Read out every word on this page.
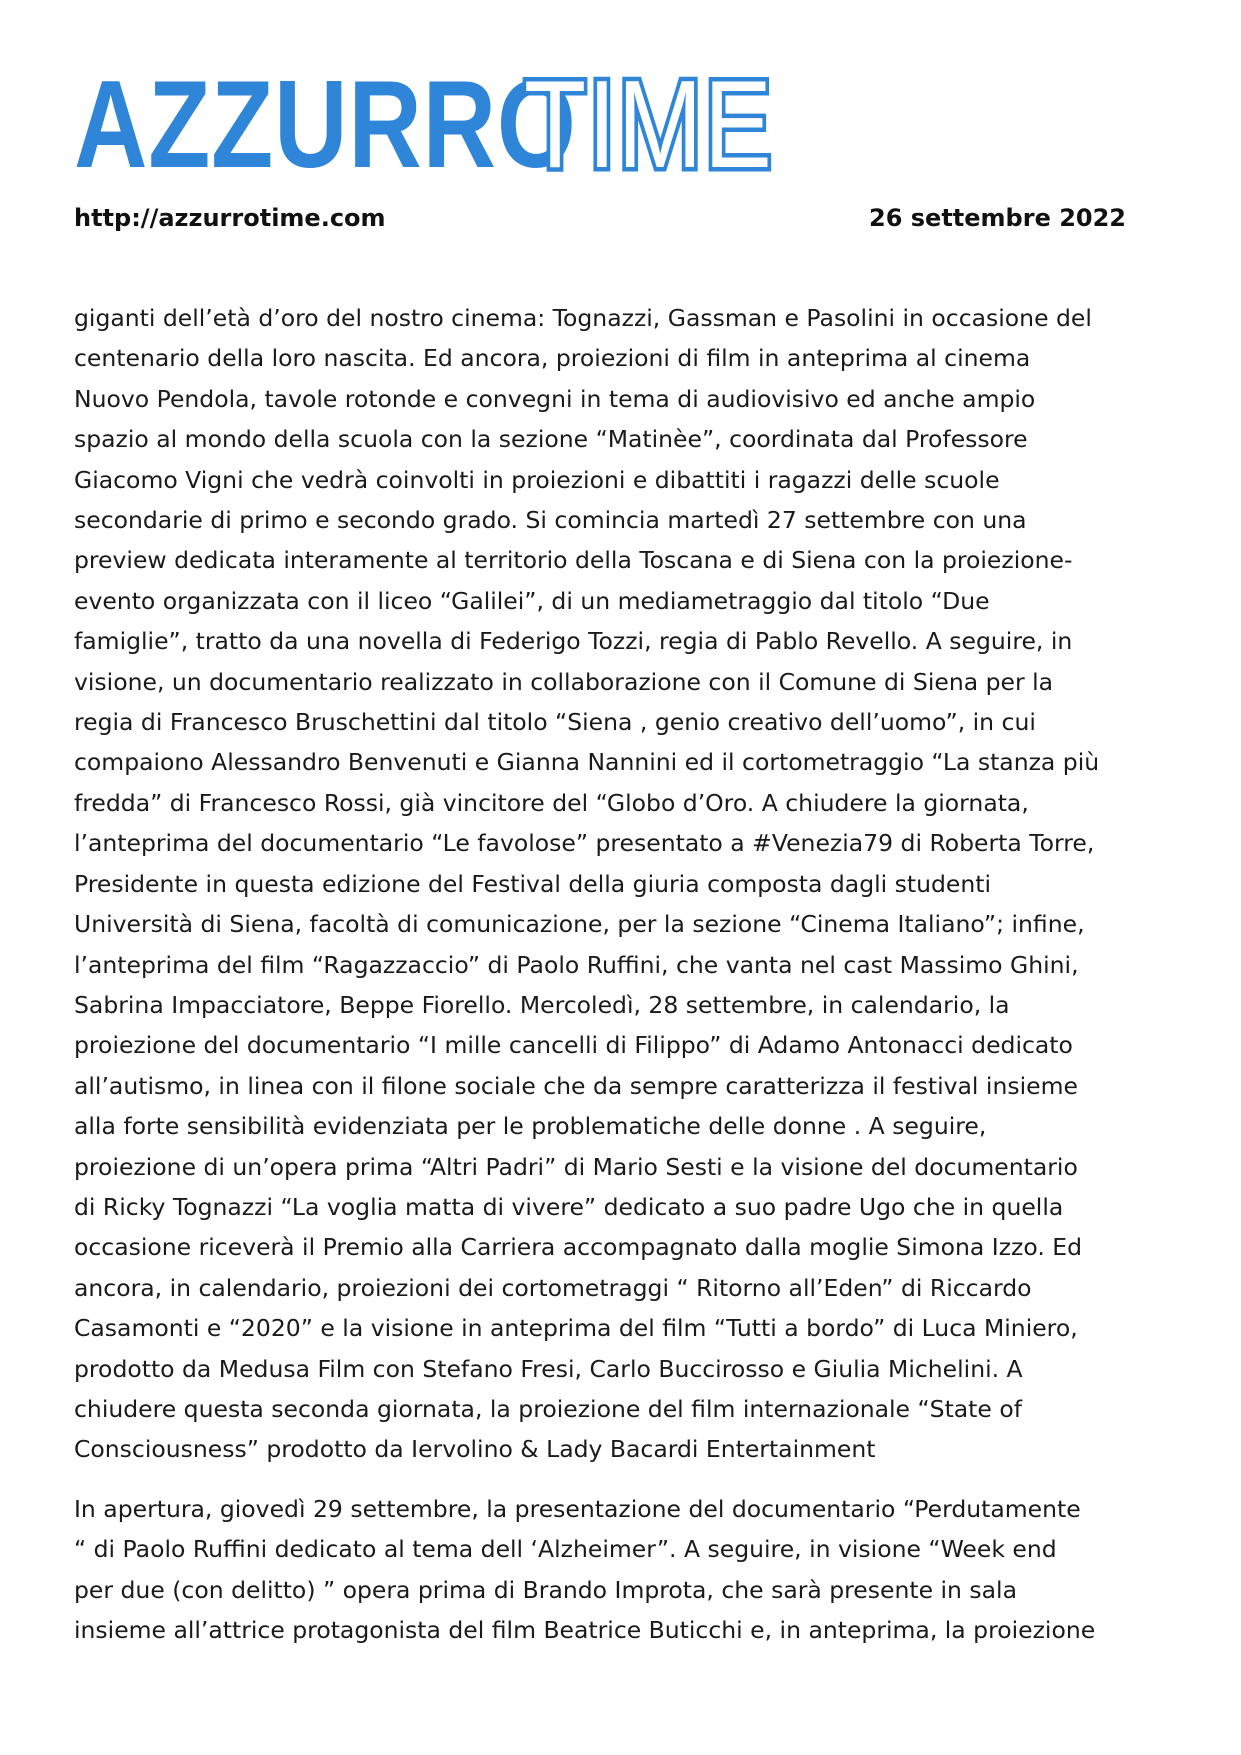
AZZURRO
TIME
http://azzurrotime.com	26 settembre 2022

giganti dell’età d’oro del nostro cinema: Tognazzi, Gassman e Pasolini in occasione del
centenario della loro nascita. Ed ancora, proiezioni di film in anteprima al cinema
Nuovo Pendola, tavole rotonde e convegni in tema di audiovisivo ed anche ampio
spazio al mondo della scuola con la sezione “Matinèe”, coordinata dal Professore
Giacomo Vigni che vedrà coinvolti in proiezioni e dibattiti i ragazzi delle scuole
secondarie di primo e secondo grado. Si comincia martedì 27 settembre con una
preview dedicata interamente al territorio della Toscana e di Siena con la proiezione-
evento organizzata con il liceo “Galilei”, di un mediametraggio dal titolo “Due
famiglie”, tratto da una novella di Federigo Tozzi, regia di Pablo Revello. A seguire, in
visione, un documentario realizzato in collaborazione con il Comune di Siena per la
regia di Francesco Bruschettini dal titolo “Siena , genio creativo dell’uomo”, in cui
compaiono Alessandro Benvenuti e Gianna Nannini ed il cortometraggio “La stanza più
fredda” di Francesco Rossi, già vincitore del “Globo d’Oro. A chiudere la giornata,
l’anteprima del documentario “Le favolose” presentato a #Venezia79 di Roberta Torre,
Presidente in questa edizione del Festival della giuria composta dagli studenti
Università di Siena, facoltà di comunicazione, per la sezione “Cinema Italiano”; infine,
l’anteprima del film “Ragazzaccio” di Paolo Ruffini, che vanta nel cast Massimo Ghini,
Sabrina Impacciatore, Beppe Fiorello. Mercoledì, 28 settembre, in calendario, la
proiezione del documentario “I mille cancelli di Filippo” di Adamo Antonacci dedicato
all’autismo, in linea con il filone sociale che da sempre caratterizza il festival insieme
alla forte sensibilità evidenziata per le problematiche delle donne . A seguire,
proiezione di un’opera prima “Altri Padri” di Mario Sesti e la visione del documentario
di Ricky Tognazzi “La voglia matta di vivere” dedicato a suo padre Ugo che in quella
occasione riceverà il Premio alla Carriera accompagnato dalla moglie Simona Izzo. Ed
ancora, in calendario, proiezioni dei cortometraggi “ Ritorno all’Eden” di Riccardo
Casamonti e “2020” e la visione in anteprima del film “Tutti a bordo” di Luca Miniero,
prodotto da Medusa Film con Stefano Fresi, Carlo Buccirosso e Giulia Michelini. A
chiudere questa seconda giornata, la proiezione del film internazionale “State of
Consciousness” prodotto da Iervolino & Lady Bacardi Entertainment

In apertura, giovedì 29 settembre, la presentazione del documentario “Perdutamente
“ di Paolo Ruffini dedicato al tema dell ‘Alzheimer”. A seguire, in visione “Week end
per due (con delitto) ” opera prima di Brando Improta, che sarà presente in sala
insieme all’attrice protagonista del film Beatrice Buticchi e, in anteprima, la proiezione
